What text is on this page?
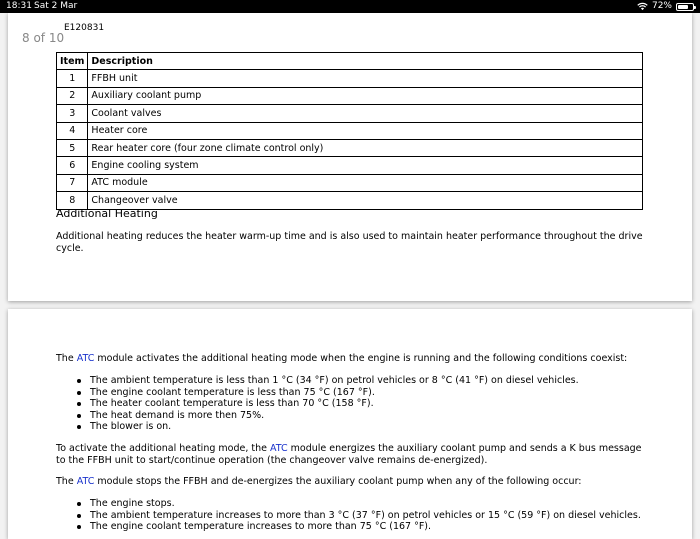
18:31 Sat 2 Mar	72%
8 of 10
E120831
Item	Description
1	FFBH unit
2	Auxiliary coolant pump
3	Coolant valves
4	Heater core
5	Rear heater core (four zone climate control only)
6	Engine cooling system
7	ATC module
8	Changeover valve
Additional Heating
Additional heating reduces the heater warm-up time and is also used to maintain heater performance throughout the drive cycle.
The ATC module activates the additional heating mode when the engine is running and the following conditions coexist:
The ambient temperature is less than 1 °C (34 °F) on petrol vehicles or 8 °C (41 °F) on diesel vehicles.
The engine coolant temperature is less than 75 °C (167 °F).
The heater coolant temperature is less than 70 °C (158 °F).
The heat demand is more then 75%.
The blower is on.
To activate the additional heating mode, the ATC module energizes the auxiliary coolant pump and sends a K bus message to the FFBH unit to start/continue operation (the changeover valve remains de-energized).
The ATC module stops the FFBH and de-energizes the auxiliary coolant pump when any of the following occur:
The engine stops.
The ambient temperature increases to more than 3 °C (37 °F) on petrol vehicles or 15 °C (59 °F) on diesel vehicles.
The engine coolant temperature increases to more than 75 °C (167 °F).
